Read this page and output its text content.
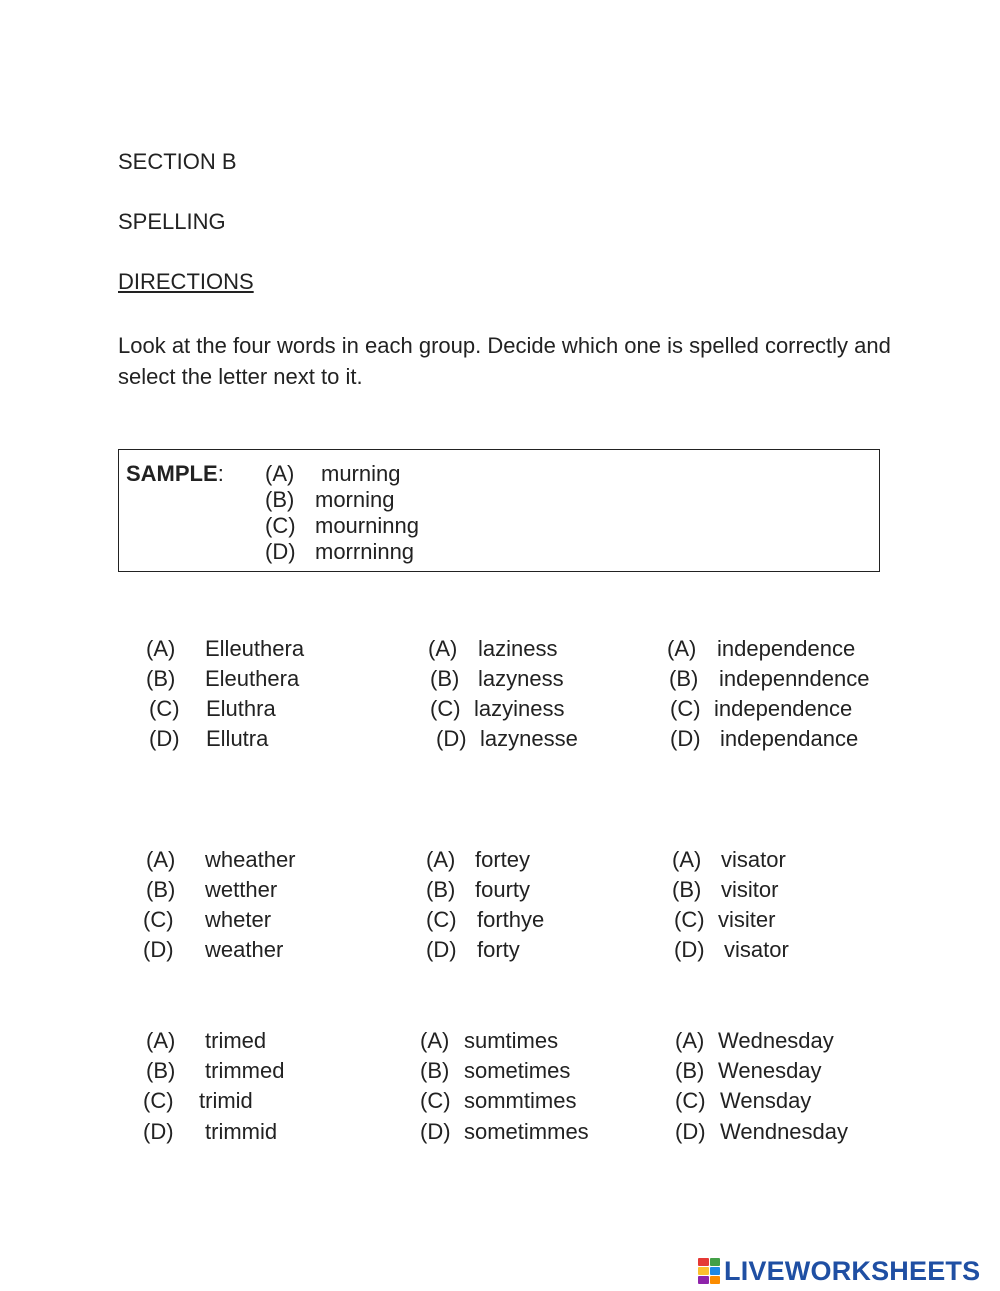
SECTION B
SPELLING
DIRECTIONS
Look at the four words in each group. Decide which one is spelled correctly and select the letter next to it.
SAMPLE: (A) murning
(B) morning
(C) mourninng
(D) morrninng
(A) Elleuthera
(B) Eleuthera
(C) Eluthra
(D) Ellutra
(A) laziness
(B) lazyness
(C) lazyiness
(D) lazynesse
(A) independence
(B) indepenndence
(C) independence
(D) independance
(A) wheather
(B) wetther
(C) wheter
(D) weather
(A) fortey
(B) fourty
(C) forthye
(D) forty
(A) visator
(B) visitor
(C) visiter
(D) visator
(A) trimed
(B) trimmed
(C) trimid
(D) trimmid
(A) sumtimes
(B) sometimes
(C) sommtimes
(D) sometimmes
(A) Wednesday
(B) Wenesday
(C) Wensday
(D) Wendnesday
LIVEWORKSHEETS
